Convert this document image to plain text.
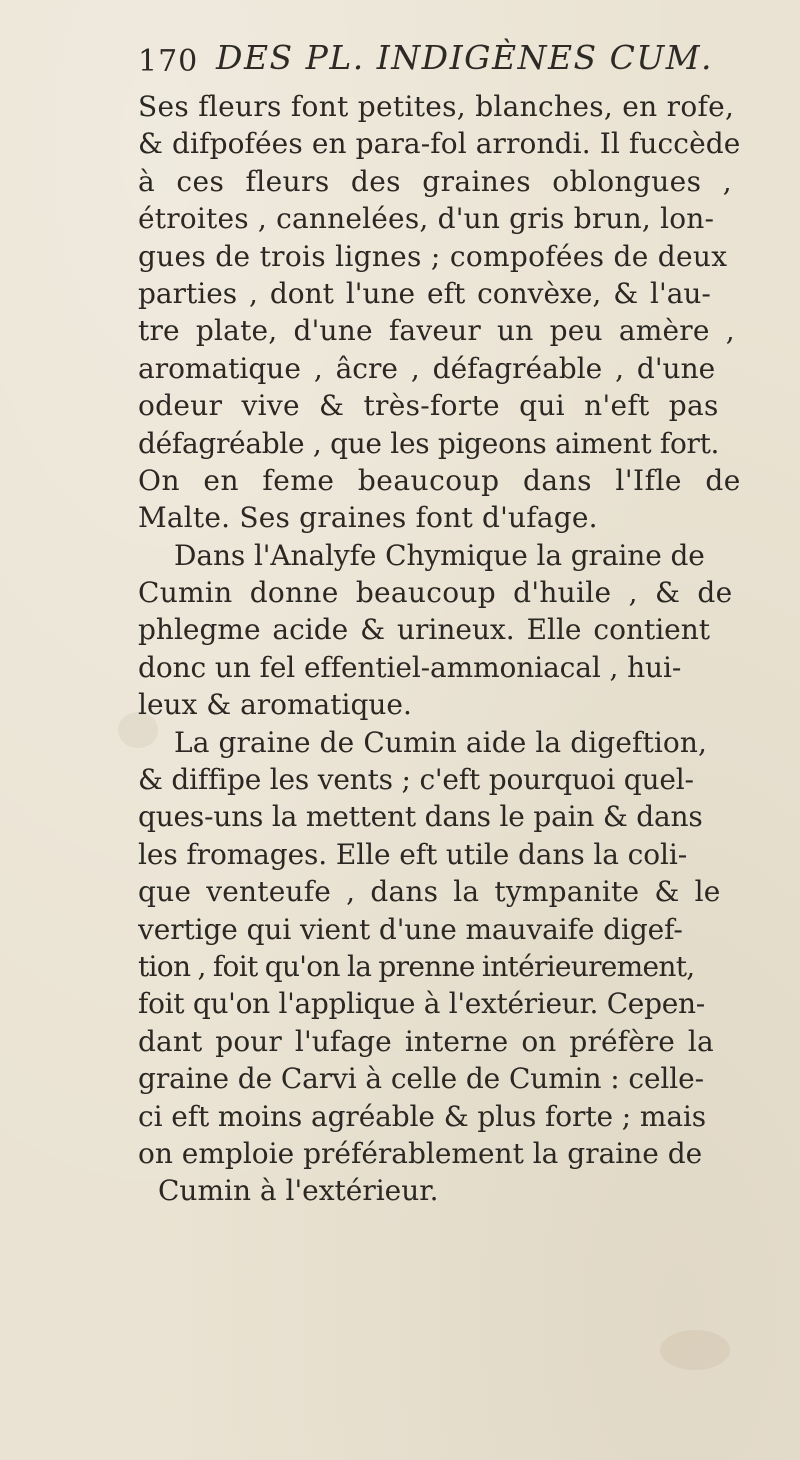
170 DES PL. INDIGÈNES CUM.
Ses fleurs font petites, blanches, en rofe,
& difpofées en para-fol arrondi. Il fuccède
à ces fleurs des graines oblongues ,
étroites , cannelées, d'un gris brun, lon-
gues de trois lignes ; compofées de deux
parties , dont l'une eft convèxe, & l'au-
tre plate, d'une faveur un peu amère ,
aromatique , âcre , défagréable , d'une
odeur vive & très-forte qui n'eft pas
défagréable , que les pigeons aiment fort.
On en feme beaucoup dans l'Ifle de
Malte. Ses graines font d'ufage.
Dans l'Analyfe Chymique la graine de
Cumin donne beaucoup d'huile , & de
phlegme acide & urineux. Elle contient
donc un fel effentiel-ammoniacal , hui-
leux & aromatique.
La graine de Cumin aide la digeftion,
& diffipe les vents ; c'eft pourquoi quel-
ques-uns la mettent dans le pain & dans
les fromages. Elle eft utile dans la coli-
que venteufe , dans la tympanite & le
vertige qui vient d'une mauvaife digef-
tion , foit qu'on la prenne intérieurement,
foit qu'on l'applique à l'extérieur. Cepen-
dant pour l'ufage interne on préfère la
graine de Carvi à celle de Cumin : celle-
ci eft moins agréable & plus forte ; mais
on emploie préférablement la graine de
Cumin à l'extérieur.
